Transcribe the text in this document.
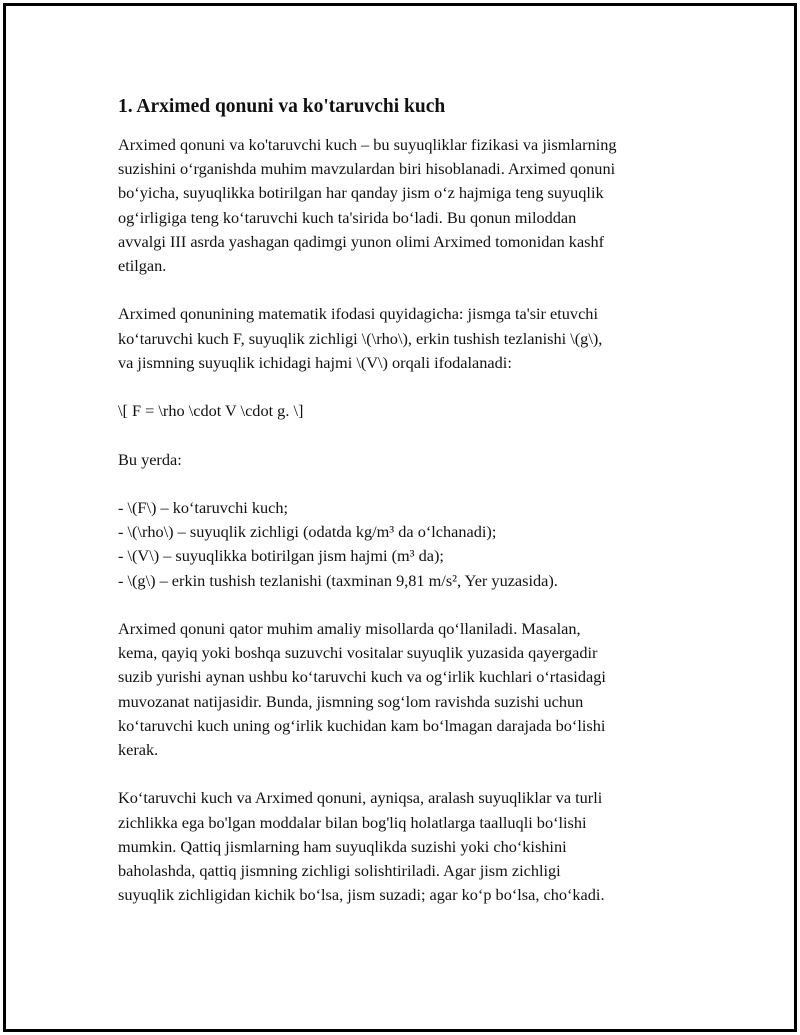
1. Arximed qonuni va ko'taruvchi kuch

Arximed qonuni va ko'taruvchi kuch – bu suyuqliklar fizikasi va jismlarning
suzishini o‘rganishda muhim mavzulardan biri hisoblanadi. Arximed qonuni
bo‘yicha, suyuqlikka botirilgan har qanday jism o‘z hajmiga teng suyuqlik
og‘irligiga teng ko‘taruvchi kuch ta'sirida bo‘ladi. Bu qonun miloddan
avvalgi III asrda yashagan qadimgi yunon olimi Arximed tomonidan kashf
etilgan.

Arximed qonunining matematik ifodasi quyidagicha: jismga ta'sir etuvchi
ko‘taruvchi kuch F, suyuqlik zichligi \(\rho\), erkin tushish tezlanishi \(g\),
va jismning suyuqlik ichidagi hajmi \(V\) orqali ifodalanadi:

\[ F = \rho \cdot V \cdot g. \]

Bu yerda:

- \(F\) – ko‘taruvchi kuch;
- \(\rho\) – suyuqlik zichligi (odatda kg/m³ da o‘lchanadi);
- \(V\) – suyuqlikka botirilgan jism hajmi (m³ da);
- \(g\) – erkin tushish tezlanishi (taxminan 9,81 m/s², Yer yuzasida).

Arximed qonuni qator muhim amaliy misollarda qo‘llaniladi. Masalan,
kema, qayiq yoki boshqa suzuvchi vositalar suyuqlik yuzasida qayergadir
suzib yurishi aynan ushbu ko‘taruvchi kuch va og‘irlik kuchlari o‘rtasidagi
muvozanat natijasidir. Bunda, jismning sog‘lom ravishda suzishi uchun
ko‘taruvchi kuch uning og‘irlik kuchidan kam bo‘lmagan darajada bo‘lishi
kerak.

Ko‘taruvchi kuch va Arximed qonuni, ayniqsa, aralash suyuqliklar va turli
zichlikka ega bo'lgan moddalar bilan bog'liq holatlarga taalluqli bo‘lishi
mumkin. Qattiq jismlarning ham suyuqlikda suzishi yoki cho‘kishini
baholashda, qattiq jismning zichligi solishtiriladi. Agar jism zichligi
suyuqlik zichligidan kichik bo‘lsa, jism suzadi; agar ko‘p bo‘lsa, cho‘kadi.
